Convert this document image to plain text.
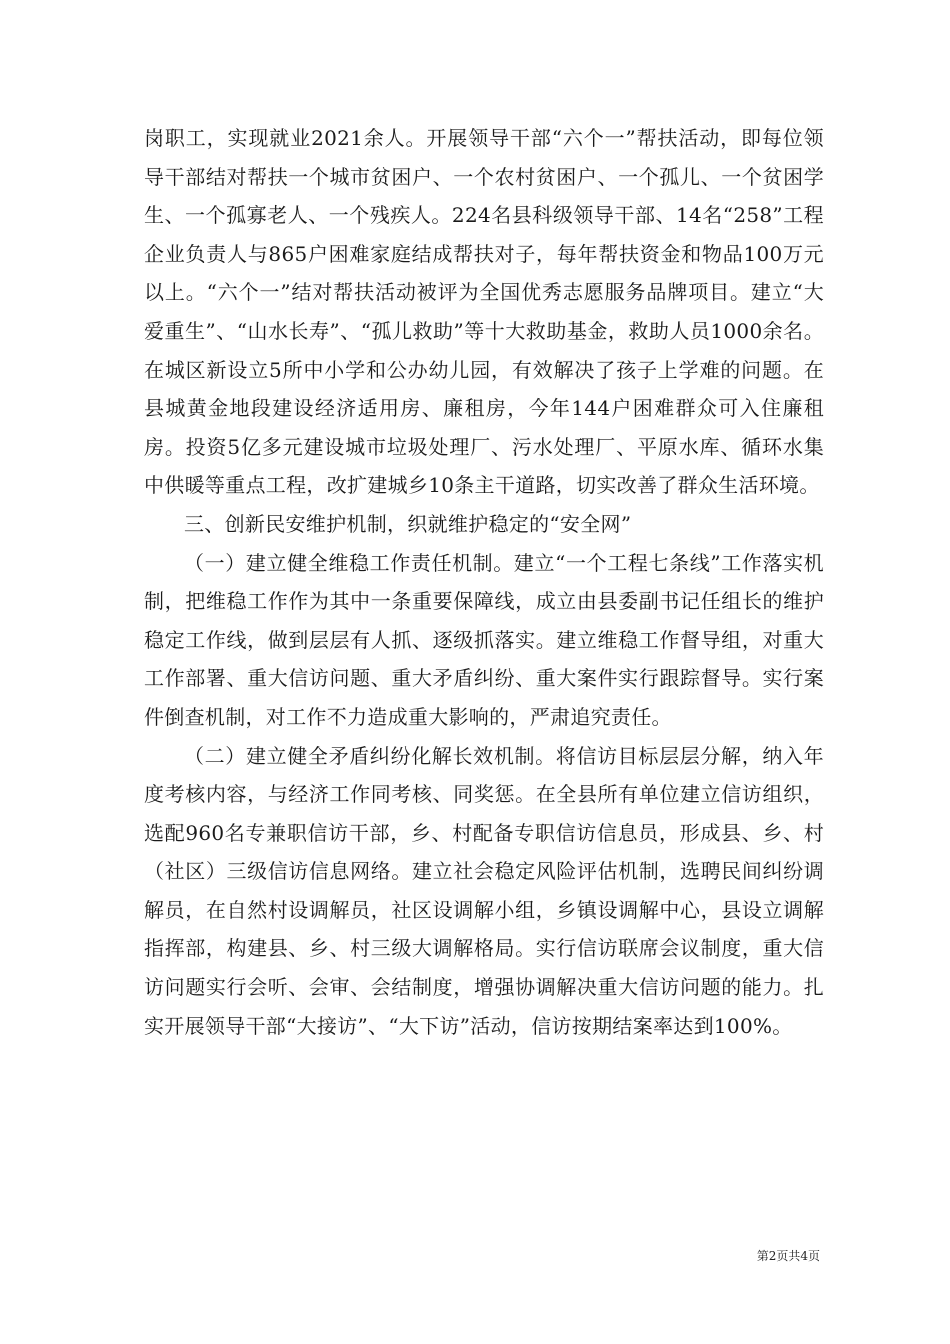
岗职工，实现就业2021余人。开展领导干部“六个一”帮扶活动，即每位领导干部结对帮扶一个城市贫困户、一个农村贫困户、一个孤儿、一个贫困学生、一个孤寡老人、一个残疾人。224名县科级领导干部、14名“258”工程企业负责人与865户困难家庭结成帮扶对子，每年帮扶资金和物品100万元以上。“六个一”结对帮扶活动被评为全国优秀志愿服务品牌项目。建立“大爱重生”、“山水长寿”、“孤儿救助”等十大救助基金，救助人员1000余名。在城区新设立5所中小学和公办幼儿园，有效解决了孩子上学难的问题。在县城黄金地段建设经济适用房、廉租房，今年144户困难群众可入住廉租房。投资5亿多元建设城市垃圾处理厂、污水处理厂、平原水库、循环水集中供暖等重点工程，改扩建城乡10条主干道路，切实改善了群众生活环境。

三、创新民安维护机制，织就维护稳定的“安全网”

（一）建立健全维稳工作责任机制。建立“一个工程七条线”工作落实机制，把维稳工作作为其中一条重要保障线，成立由县委副书记任组长的维护稳定工作线，做到层层有人抓、逐级抓落实。建立维稳工作督导组，对重大工作部署、重大信访问题、重大矛盾纠纷、重大案件实行跟踪督导。实行案件倒查机制，对工作不力造成重大影响的，严肃追究责任。

（二）建立健全矛盾纠纷化解长效机制。将信访目标层层分解，纳入年度考核内容，与经济工作同考核、同奖惩。在全县所有单位建立信访组织，选配960名专兼职信访干部，乡、村配备专职信访信息员，形成县、乡、村（社区）三级信访信息网络。建立社会稳定风险评估机制，选聘民间纠纷调解员，在自然村设调解员，社区设调解小组，乡镇设调解中心，县设立调解指挥部，构建县、乡、村三级大调解格局。实行信访联席会议制度，重大信访问题实行会听、会审、会结制度，增强协调解决重大信访问题的能力。扎实开展领导干部“大接访”、“大下访”活动，信访按期结案率达到100%。

第2页共4页
